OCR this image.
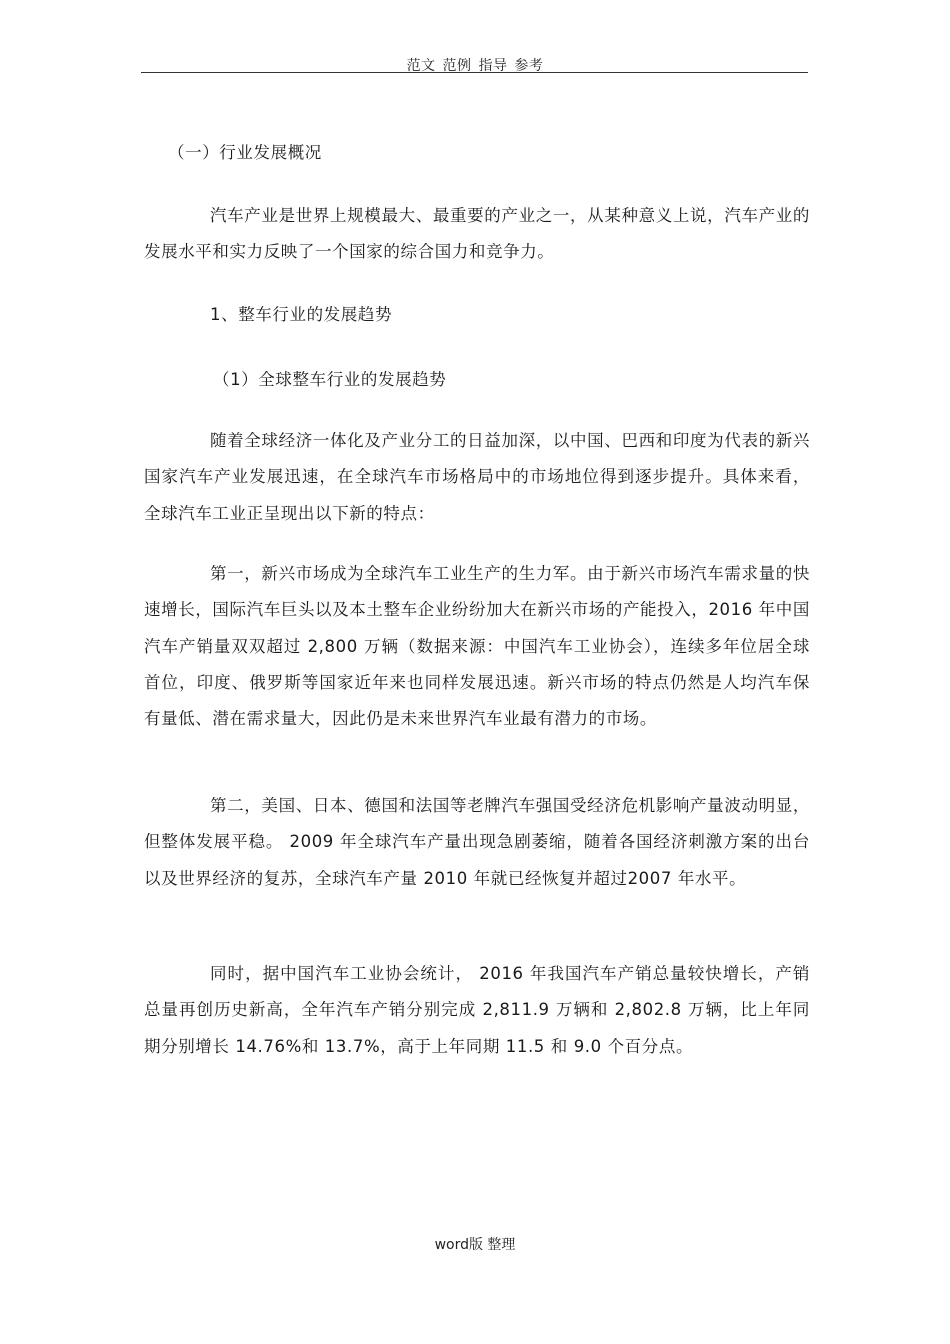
范文 范例 指导 参考
（一）行业发展概况
汽车产业是世界上规模最大、最重要的产业之一，从某种意义上说，汽车产业的发展水平和实力反映了一个国家的综合国力和竞争力。
1、整车行业的发展趋势
（1）全球整车行业的发展趋势
随着全球经济一体化及产业分工的日益加深，以中国、巴西和印度为代表的新兴国家汽车产业发展迅速，在全球汽车市场格局中的市场地位得到逐步提升。具体来看，全球汽车工业正呈现出以下新的特点：
第一，新兴市场成为全球汽车工业生产的生力军。由于新兴市场汽车需求量的快速增长，国际汽车巨头以及本土整车企业纷纷加大在新兴市场的产能投入，2016 年中国汽车产销量双双超过 2,800 万辆（数据来源：中国汽车工业协会），连续多年位居全球首位，印度、俄罗斯等国家近年来也同样发展迅速。新兴市场的特点仍然是人均汽车保有量低、潜在需求量大，因此仍是未来世界汽车业最有潜力的市场。
第二，美国、日本、德国和法国等老牌汽车强国受经济危机影响产量波动明显，但整体发展平稳。 2009 年全球汽车产量出现急剧萎缩，随着各国经济刺激方案的出台以及世界经济的复苏，全球汽车产量 2010 年就已经恢复并超过2007 年水平。
同时，据中国汽车工业协会统计， 2016 年我国汽车产销总量较快增长，产销总量再创历史新高，全年汽车产销分别完成 2,811.9 万辆和 2,802.8 万辆，比上年同期分别增长 14.76%和 13.7%，高于上年同期 11.5 和 9.0 个百分点。
word版 整理
